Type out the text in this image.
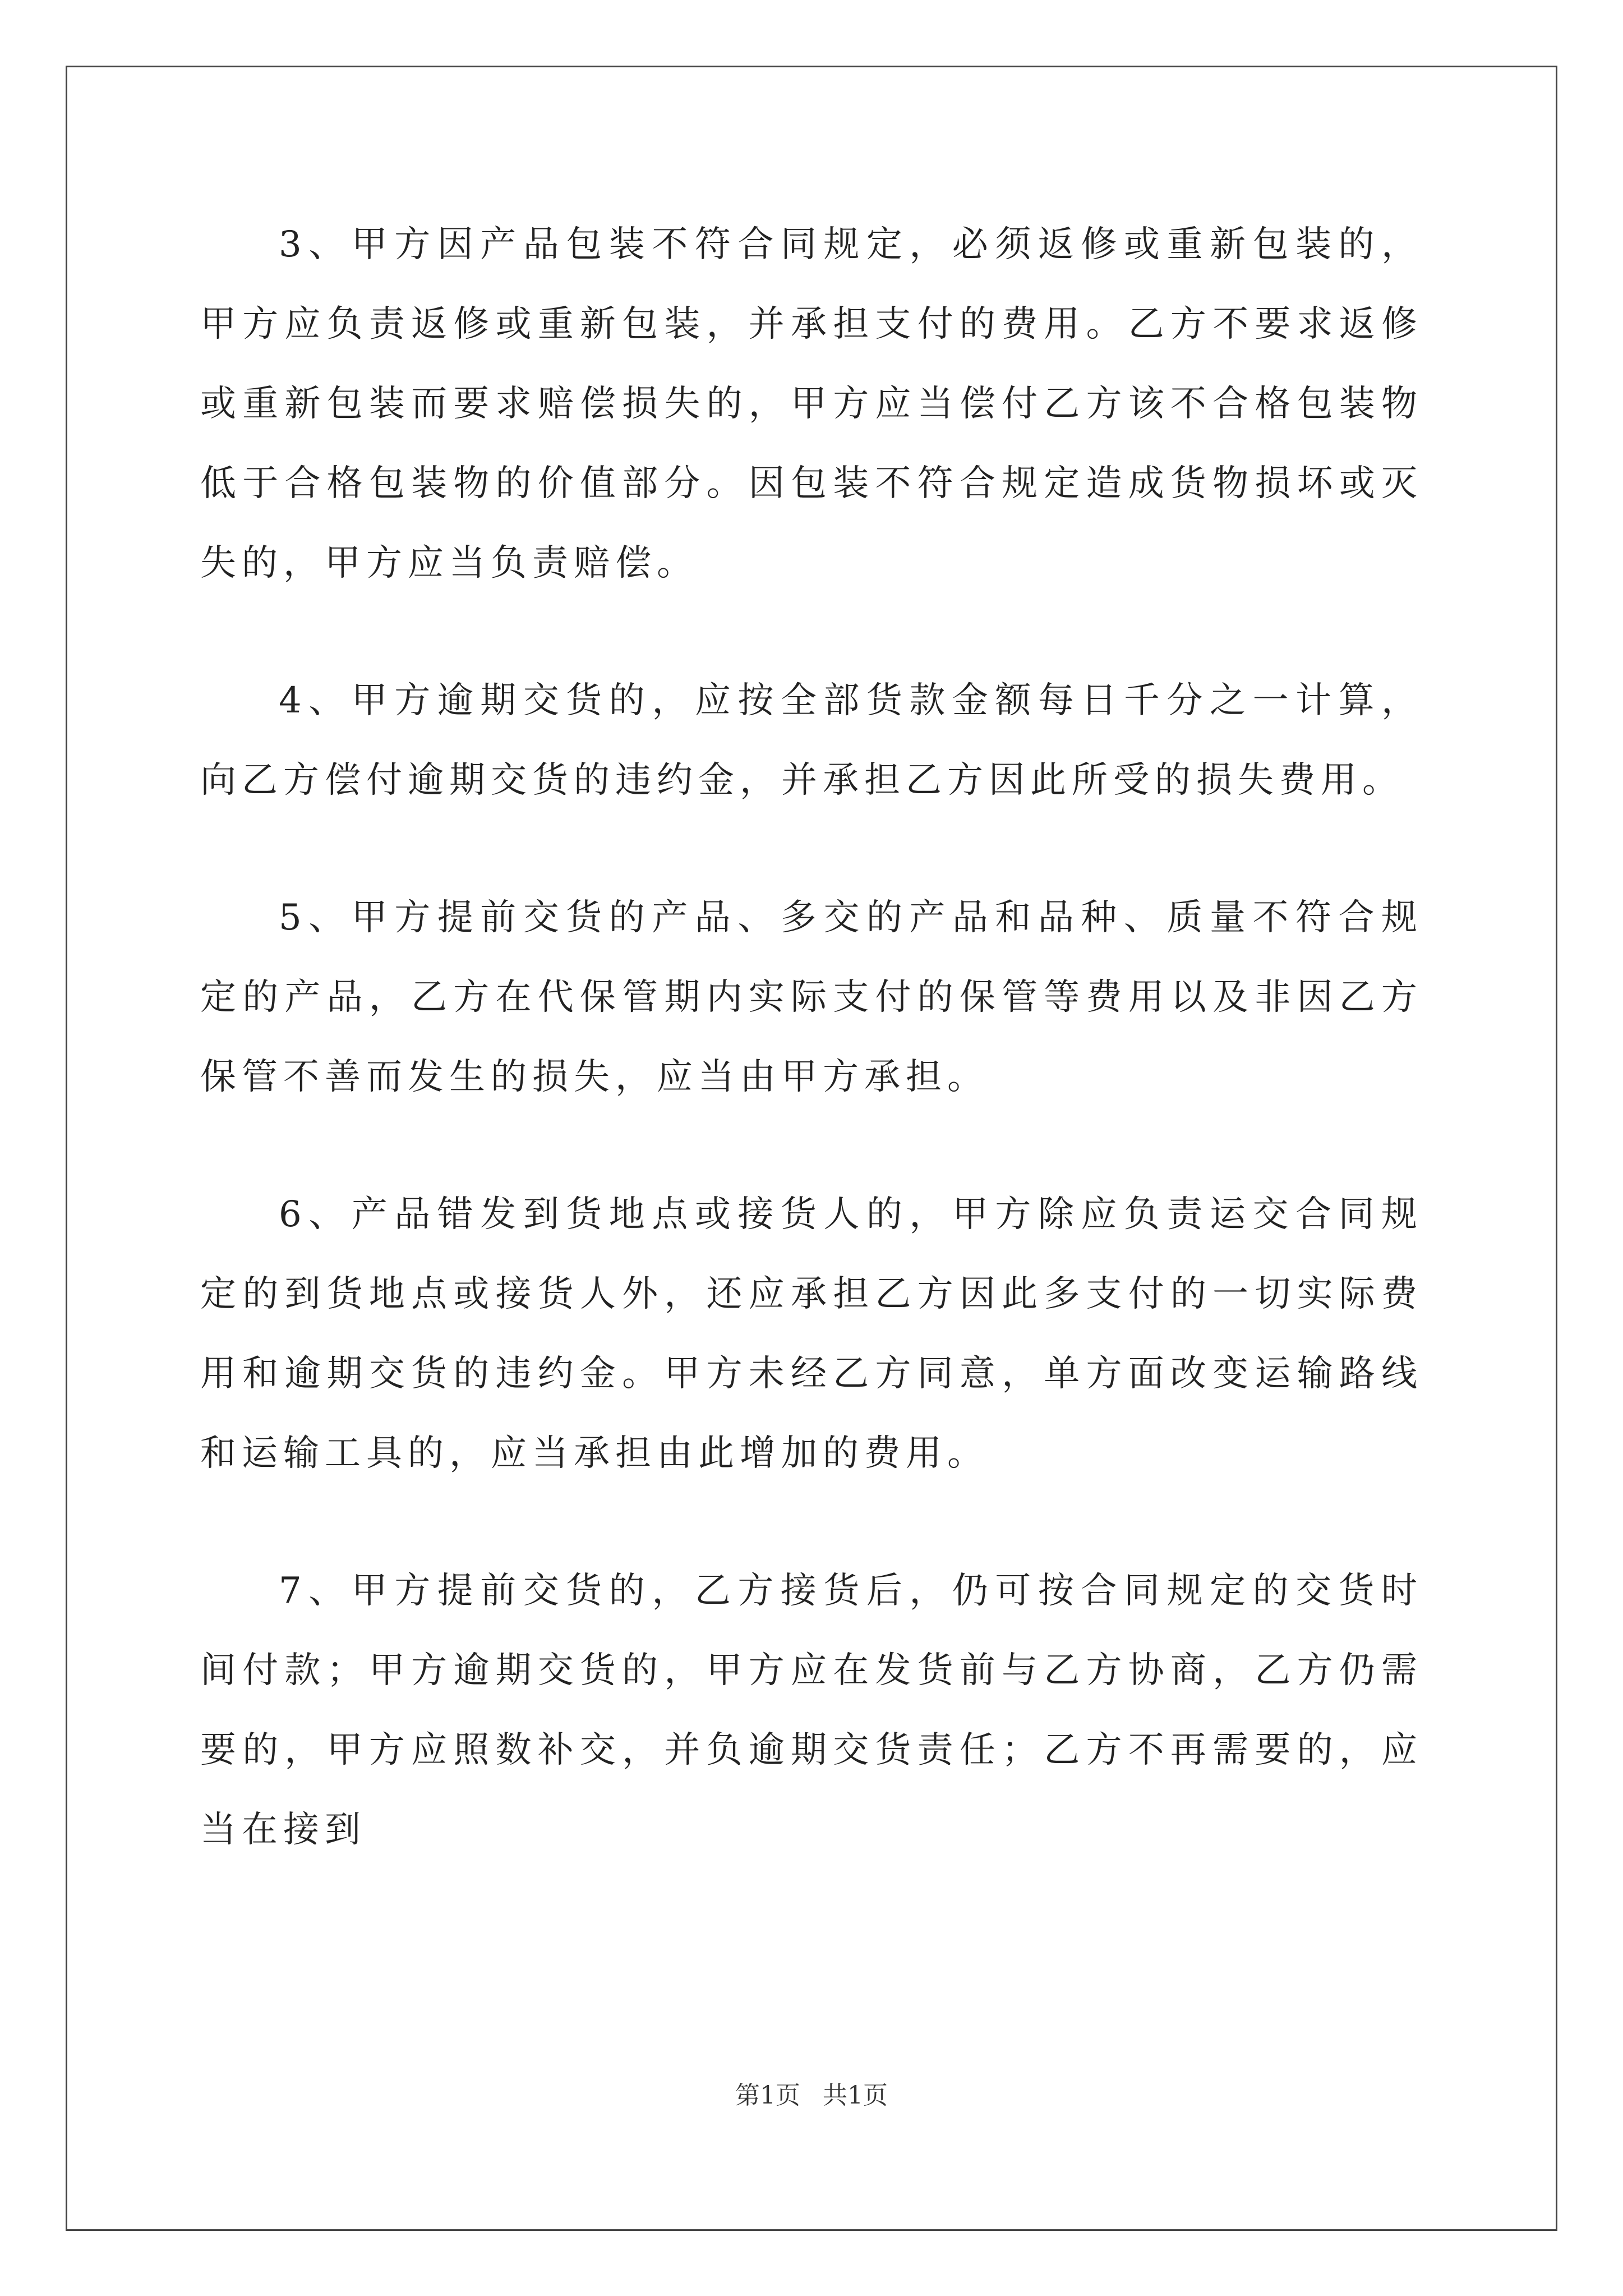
3、甲方因产品包装不符合同规定，必须返修或重新包装的，甲方应负责返修或重新包装，并承担支付的费用。乙方不要求返修或重新包装而要求赔偿损失的，甲方应当偿付乙方该不合格包装物低于合格包装物的价值部分。因包装不符合规定造成货物损坏或灭失的，甲方应当负责赔偿。

4、甲方逾期交货的，应按全部货款金额每日千分之一计算，向乙方偿付逾期交货的违约金，并承担乙方因此所受的损失费用。

5、甲方提前交货的产品、多交的产品和品种、质量不符合规定的产品，乙方在代保管期内实际支付的保管等费用以及非因乙方保管不善而发生的损失，应当由甲方承担。

6、产品错发到货地点或接货人的，甲方除应负责运交合同规定的到货地点或接货人外，还应承担乙方因此多支付的一切实际费用和逾期交货的违约金。甲方未经乙方同意，单方面改变运输路线和运输工具的，应当承担由此增加的费用。

7、甲方提前交货的，乙方接货后，仍可按合同规定的交货时间付款；甲方逾期交货的，甲方应在发货前与乙方协商，乙方仍需要的，甲方应照数补交，并负逾期交货责任；乙方不再需要的，应当在接到

第1页 共1页
